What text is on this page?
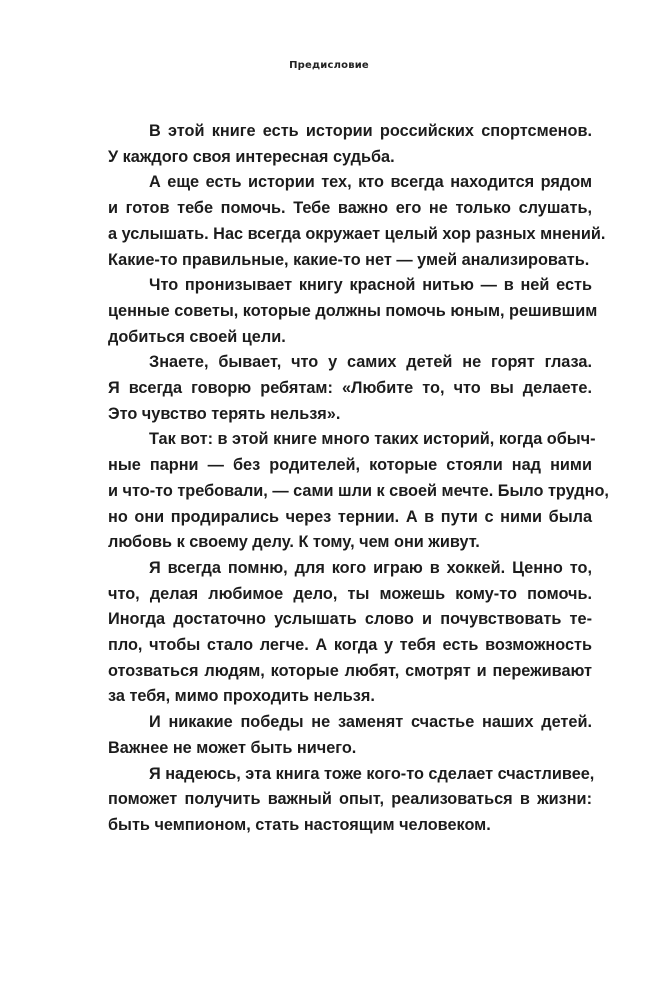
Предисловие

В этой книге есть истории российских спортсменов.
У каждого своя интересная судьба.

А еще есть истории тех, кто всегда находится рядом
и готов тебе помочь. Тебе важно его не только слушать,
а услышать. Нас всегда окружает целый хор разных мнений.
Какие-то правильные, какие-то нет — умей анализировать.

Что пронизывает книгу красной нитью — в ней есть
ценные советы, которые должны помочь юным, решившим
добиться своей цели.

Знаете, бывает, что у самих детей не горят глаза.
Я всегда говорю ребятам: «Любите то, что вы делаете.
Это чувство терять нельзя».

Так вот: в этой книге много таких историй, когда обыч-
ные парни — без родителей, которые стояли над ними
и что-то требовали, — сами шли к своей мечте. Было трудно,
но они продирались через тернии. А в пути с ними была
любовь к своему делу. К тому, чем они живут.

Я всегда помню, для кого играю в хоккей. Ценно то,
что, делая любимое дело, ты можешь кому-то помочь.
Иногда достаточно услышать слово и почувствовать те-
пло, чтобы стало легче. А когда у тебя есть возможность
отозваться людям, которые любят, смотрят и переживают
за тебя, мимо проходить нельзя.

И никакие победы не заменят счастье наших детей.
Важнее не может быть ничего.

Я надеюсь, эта книга тоже кого-то сделает счастливее,
поможет получить важный опыт, реализоваться в жизни:
быть чемпионом, стать настоящим человеком.
